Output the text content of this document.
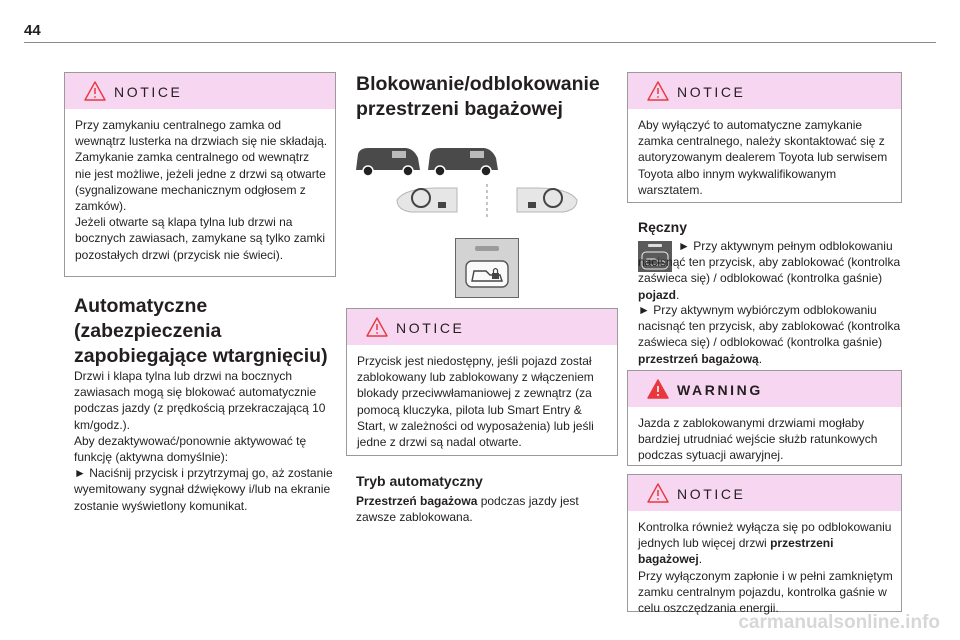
44
NOTICE

Przy zamykaniu centralnego zamka od wewnątrz lusterka na drzwiach się nie składają.

Zamykanie zamka centralnego od wewnątrz nie jest możliwe, jeżeli jedne z drzwi są otwarte (sygnalizowane mechanicznym odgłosem z zamków).

Jeżeli otwarte są klapa tylna lub drzwi na bocznych zawiasach, zamykane są tylko zamki pozostałych drzwi (przycisk nie świeci).

Automatyczne (zabezpieczenia zapobiegające wtargnięciu)

Drzwi i klapa tylna lub drzwi na bocznych zawiasach mogą się blokować automatycznie podczas jazdy (z prędkością przekraczającą 10 km/godz.).

Aby dezaktywować/ponownie aktywować tę funkcję (aktywna domyślnie):

► Naciśnij przycisk i przytrzymaj go, aż zostanie wyemitowany sygnał dźwiękowy i/lub na ekranie zostanie wyświetlony komunikat.

Blokowanie/odblokowanie przestrzeni bagażowej
NOTICE

Przycisk jest niedostępny, jeśli pojazd został zablokowany lub zablokowany z włączeniem blokady przeciwwłamaniowej z zewnątrz (za pomocą kluczyka, pilota lub Smart Entry & Start, w zależności od wyposażenia) lub jeśli jedne z drzwi są nadal otwarte.

Tryb automatyczny

Przestrzeń bagażowa podczas jazdy jest zawsze zablokowana.

NOTICE

Aby wyłączyć to automatyczne zamykanie zamka centralnego, należy skontaktować się z autoryzowanym dealerem Toyota lub serwisem Toyota albo innym wykwalifikowanym warsztatem.

Ręczny

► Przy aktywnym pełnym odblokowaniu nacisnąć ten przycisk, aby zablokować (kontrolka zaświeca się) / odblokować (kontrolka gaśnie) pojazd.

► Przy aktywnym wybiórczym odblokowaniu nacisnąć ten przycisk, aby zablokować (kontrolka zaświeca się) / odblokować (kontrolka gaśnie) przestrzeń bagażową.

WARNING

Jazda z zablokowanymi drzwiami mogłaby bardziej utrudniać wejście służb ratunkowych podczas sytuacji awaryjnej.

NOTICE

Kontrolka również wyłącza się po odblokowaniu jednych lub więcej drzwi przestrzeni bagażowej.

Przy wyłączonym zapłonie i w pełni zamkniętym zamku centralnym pojazdu, kontrolka gaśnie w celu oszczędzania energii.

carmanualsonline.info
